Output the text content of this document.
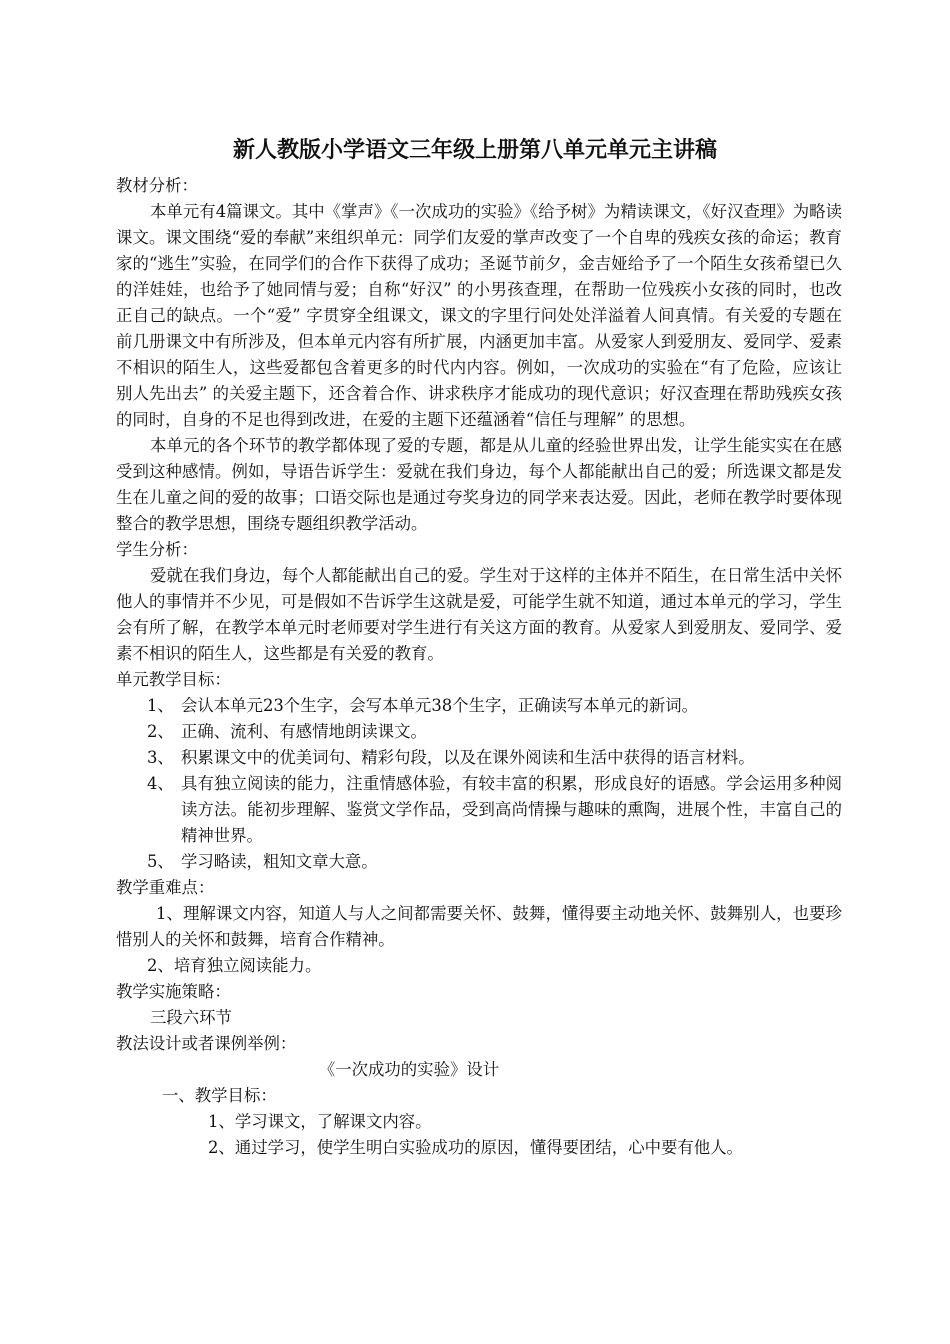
新人教版小学语文三年级上册第八单元单元主讲稿

教材分析：

本单元有4篇课文。其中《掌声》《一次成功的实验》《给予树》为精读课文，《好汉查理》为略读课文。课文围绕“爱的奉献”来组织单元：同学们友爱的掌声改变了一个自卑的残疾女孩的命运；教育家的“逃生”实验，在同学们的合作下获得了成功；圣诞节前夕，金吉娅给予了一个陌生女孩希望已久的洋娃娃，也给予了她同情与爱；自称“好汉” 的小男孩查理，在帮助一位残疾小女孩的同时，也改正自己的缺点。一个“爱” 字贯穿全组课文，课文的字里行问处处洋溢着人间真情。有关爱的专题在前几册课文中有所涉及，但本单元内容有所扩展，内涵更加丰富。从爱家人到爱朋友、爱同学、爱素不相识的陌生人，这些爱都包含着更多的时代内内容。例如，一次成功的实验在“有了危险，应该让别人先出去” 的关爱主题下，还含着合作、讲求秩序才能成功的现代意识；好汉查理在帮助残疾女孩的同时，自身的不足也得到改进，在爱的主题下还蕴涵着“信任与理解” 的思想。

本单元的各个环节的教学都体现了爱的专题，都是从儿童的经验世界出发，让学生能实实在在感受到这种感情。例如，导语告诉学生：爱就在我们身边，每个人都能献出自己的爱；所选课文都是发生在儿童之间的爱的故事；口语交际也是通过夸奖身边的同学来表达爱。因此，老师在教学时要体现整合的教学思想，围绕专题组织教学活动。

学生分析：

爱就在我们身边，每个人都能献出自己的爱。学生对于这样的主体并不陌生，在日常生活中关怀他人的事情并不少见，可是假如不告诉学生这就是爱，可能学生就不知道，通过本单元的学习，学生会有所了解，在教学本单元时老师要对学生进行有关这方面的教育。从爱家人到爱朋友、爱同学、爱素不相识的陌生人，这些都是有关爱的教育。

单元教学目标：

1、 会认本单元23个生字，会写本单元38个生字，正确读写本单元的新词。
2、 正确、流利、有感情地朗读课文。
3、 积累课文中的优美词句、精彩句段，以及在课外阅读和生活中获得的语言材料。
4、 具有独立阅读的能力，注重情感体验，有较丰富的积累，形成良好的语感。学会运用多种阅读方法。能初步理解、鉴赏文学作品，受到高尚情操与趣味的熏陶，进展个性，丰富自己的精神世界。
5、 学习略读，粗知文章大意。

教学重难点：

1、理解课文内容，知道人与人之间都需要关怀、鼓舞，懂得要主动地关怀、鼓舞别人，也要珍惜别人的关怀和鼓舞，培育合作精神。

2、培育独立阅读能力。

教学实施策略：

三段六环节

教法设计或者课例举例：

《一次成功的实验》设计

一、教学目标：

1、学习课文，了解课文内容。

2、通过学习，使学生明白实验成功的原因，懂得要团结，心中要有他人。
